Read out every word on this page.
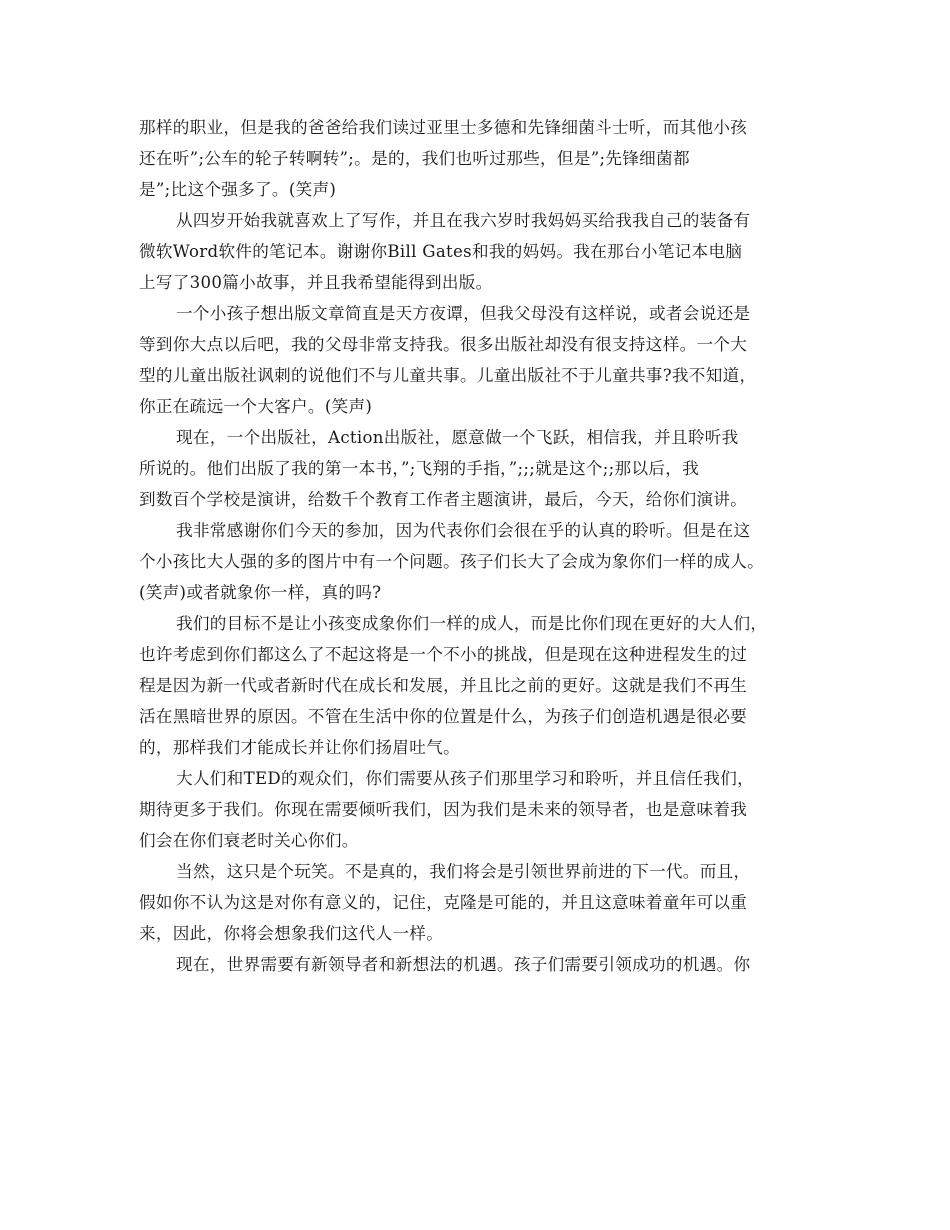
那样的职业，但是我的爸爸给我们读过亚里士多德和先锋细菌斗士听，而其他小孩
还在听”;公车的轮子转啊转”;。是的，我们也听过那些，但是”;先锋细菌都
是”;比这个强多了。(笑声)
从四岁开始我就喜欢上了写作，并且在我六岁时我妈妈买给我我自己的装备有
微软Word软件的笔记本。谢谢你Bill Gates和我的妈妈。我在那台小笔记本电脑
上写了300篇小故事，并且我希望能得到出版。
一个小孩子想出版文章简直是天方夜谭，但我父母没有这样说，或者会说还是
等到你大点以后吧，我的父母非常支持我。很多出版社却没有很支持这样。一个大
型的儿童出版社讽刺的说他们不与儿童共事。儿童出版社不于儿童共事?我不知道，
你正在疏远一个大客户。(笑声)
现在，一个出版社，Action出版社，愿意做一个飞跃，相信我，并且聆听我
所说的。他们出版了我的第一本书，”;飞翔的手指，”;;;就是这个;;那以后，我
到数百个学校是演讲，给数千个教育工作者主题演讲，最后，今天，给你们演讲。
我非常感谢你们今天的参加，因为代表你们会很在乎的认真的聆听。但是在这
个小孩比大人强的多的图片中有一个问题。孩子们长大了会成为象你们一样的成人。
(笑声)或者就象你一样，真的吗?
我们的目标不是让小孩变成象你们一样的成人，而是比你们现在更好的大人们，
也许考虑到你们都这么了不起这将是一个不小的挑战，但是现在这种进程发生的过
程是因为新一代或者新时代在成长和发展，并且比之前的更好。这就是我们不再生
活在黑暗世界的原因。不管在生活中你的位置是什么，为孩子们创造机遇是很必要
的，那样我们才能成长并让你们扬眉吐气。
大人们和TED的观众们，你们需要从孩子们那里学习和聆听，并且信任我们，
期待更多于我们。你现在需要倾听我们，因为我们是未来的领导者，也是意味着我
们会在你们衰老时关心你们。
当然，这只是个玩笑。不是真的，我们将会是引领世界前进的下一代。而且，
假如你不认为这是对你有意义的，记住，克隆是可能的，并且这意味着童年可以重
来，因此，你将会想象我们这代人一样。
现在，世界需要有新领导者和新想法的机遇。孩子们需要引领成功的机遇。你
